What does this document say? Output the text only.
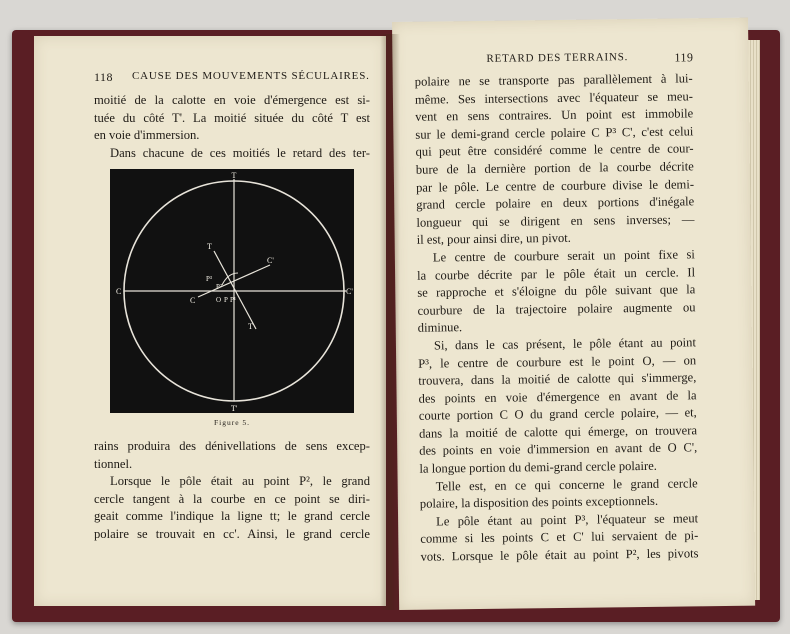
118 CAUSE DES MOUVEMENTS SÉCULAIRES.
moitié de la calotte en voie d'émergence est si-
tuée du côté T'. La moitié située du côté T est
en voie d'immersion.
Dans chacune de ces moitiés le retard des ter-
T
T'
C	C'
T
C'
C
P³
P²
O P P¹
T
Figure 5.
rains produira des dénivellations de sens excep-
tionnel.
Lorsque le pôle était au point P², le grand
cercle tangent à la courbe en ce point se diri-
geait comme l'indique la ligne tt; le grand cercle
polaire se trouvait en cc'. Ainsi, le grand cercle
RETARD DES TERRAINS.	119
polaire ne se transporte pas parallèlement à lui-
même. Ses intersections avec l'équateur se meu-
vent en sens contraires. Un point est immobile
sur le demi-grand cercle polaire C P³ C', c'est celui
qui peut être considéré comme le centre de cour-
bure de la dernière portion de la courbe décrite
par le pôle. Le centre de courbure divise le demi-
grand cercle polaire en deux portions d'inégale
longueur qui se dirigent en sens inverses; —
il est, pour ainsi dire, un pivot.
Le centre de courbure serait un point fixe si
la courbe décrite par le pôle était un cercle. Il
se rapproche et s'éloigne du pôle suivant que la
courbure de la trajectoire polaire augmente ou
diminue.
Si, dans le cas présent, le pôle étant au point
P³, le centre de courbure est le point O, — on
trouvera, dans la moitié de calotte qui s'immerge,
des points en voie d'émergence en avant de la
courte portion C O du grand cercle polaire, — et,
dans la moitié de calotte qui émerge, on trouvera
des points en voie d'immersion en avant de O C',
la longue portion du demi-grand cercle polaire.
Telle est, en ce qui concerne le grand cercle
polaire, la disposition des points exceptionnels.
Le pôle étant au point P³, l'équateur se meut
comme si les points C et C' lui servaient de pi-
vots. Lorsque le pôle était au point P², les pivots
